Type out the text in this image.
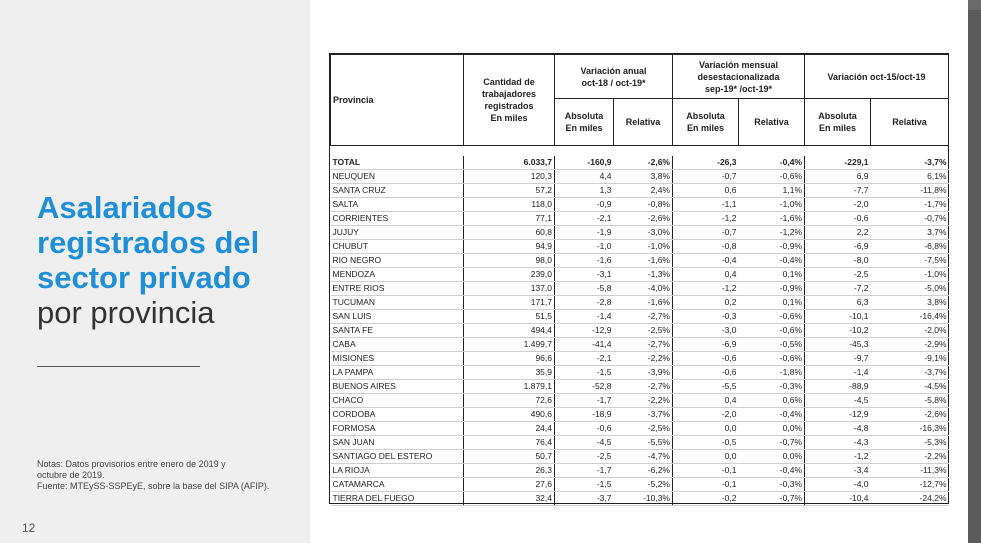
Asalariados
registrados del
sector privado
por provincia
Notas: Datos provisorios entre enero de 2019 y
octubre de 2019.
Fuente: MTEySS-SSPEyE, sobre la base del SIPA (AFIP).
12
Provincia	Cantidad de
trabajadores
registrados
En miles	Variación anual
oct-18 / oct-19*		Variación mensual
desestacionalizada
sep-19* /oct-19*		Variación oct-15/oct-19	
		Absoluta
En miles	Relativa	Absoluta
En miles	Relativa	Absoluta
En miles	Relativa

TOTAL	6.033,7	-160,9	-2,6%	-26,3	-0,4%	-229,1	-3,7%
NEUQUEN	120,3	4,4	3,8%	-0,7	-0,6%	6,9	6,1%
SANTA CRUZ	57,2	1,3	2,4%	0,6	1,1%	-7,7	-11,8%
SALTA	118,0	-0,9	-0,8%	-1,1	-1,0%	-2,0	-1,7%
CORRIENTES	77,1	-2,1	-2,6%	-1,2	-1,6%	-0,6	-0,7%
JUJUY	60,8	-1,9	-3,0%	-0,7	-1,2%	2,2	3,7%
CHUBUT	94,9	-1,0	-1,0%	-0,8	-0,9%	-6,9	-6,8%
RIO NEGRO	98,0	-1,6	-1,6%	-0,4	-0,4%	-8,0	-7,5%
MENDOZA	239,0	-3,1	-1,3%	0,4	0,1%	-2,5	-1,0%
ENTRE RIOS	137,0	-5,8	-4,0%	-1,2	-0,9%	-7,2	-5,0%
TUCUMAN	171,7	-2,8	-1,6%	0,2	0,1%	6,3	3,8%
SAN LUIS	51,5	-1,4	-2,7%	-0,3	-0,6%	-10,1	-16,4%
SANTA FE	494,4	-12,9	-2,5%	-3,0	-0,6%	-10,2	-2,0%
CABA	1.499,7	-41,4	-2,7%	-6,9	-0,5%	-45,3	-2,9%
MISIONES	96,6	-2,1	-2,2%	-0,6	-0,6%	-9,7	-9,1%
LA PAMPA	35,9	-1,5	-3,9%	-0,6	-1,8%	-1,4	-3,7%
BUENOS AIRES	1.879,1	-52,8	-2,7%	-5,5	-0,3%	-88,9	-4,5%
CHACO	72,6	-1,7	-2,2%	0,4	0,6%	-4,5	-5,8%
CORDOBA	490,6	-18,9	-3,7%	-2,0	-0,4%	-12,9	-2,6%
FORMOSA	24,4	-0,6	-2,5%	0,0	0,0%	-4,8	-16,3%
SAN JUAN	76,4	-4,5	-5,5%	-0,5	-0,7%	-4,3	-5,3%
SANTIAGO DEL ESTERO	50,7	-2,5	-4,7%	0,0	0,0%	-1,2	-2,2%
LA RIOJA	26,3	-1,7	-6,2%	-0,1	-0,4%	-3,4	-11,3%
CATAMARCA	27,6	-1,5	-5,2%	-0,1	-0,3%	-4,0	-12,7%
TIERRA DEL FUEGO	32,4	-3,7	-10,3%	-0,2	-0,7%	-10,4	-24,2%
